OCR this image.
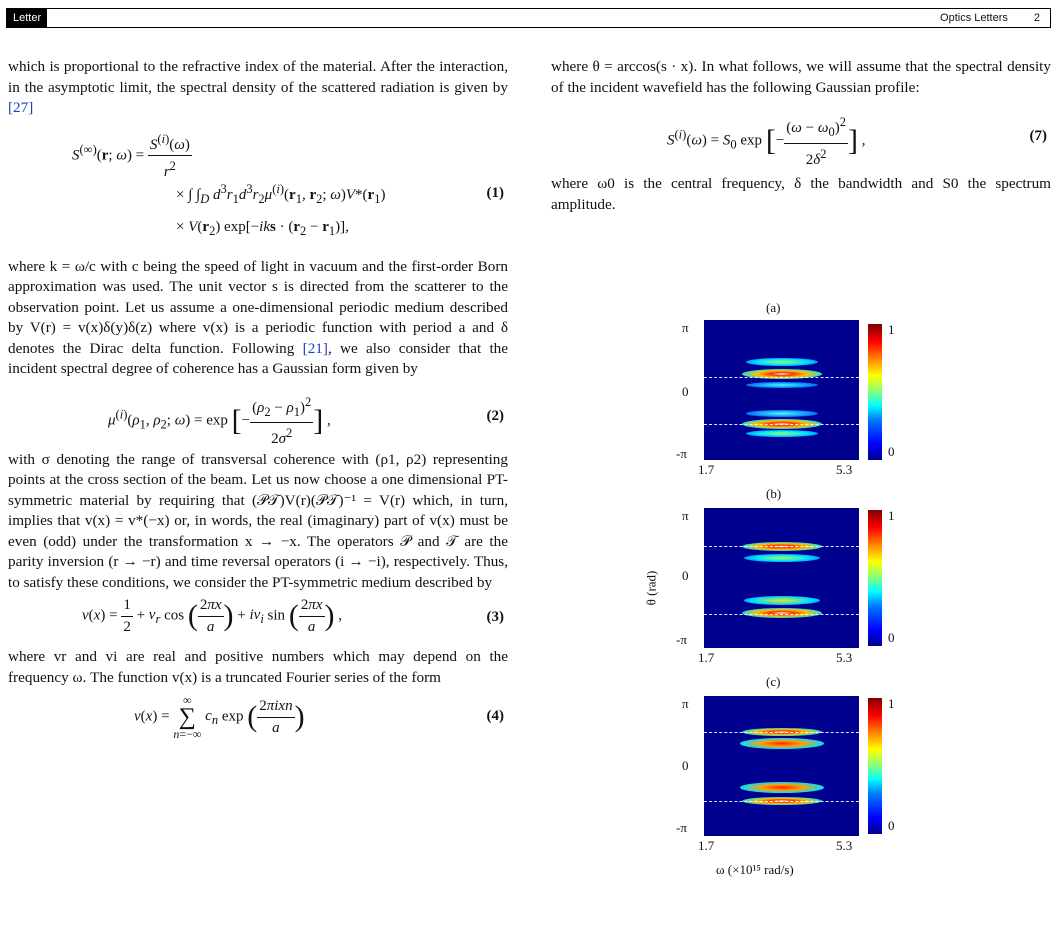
Letter	Optics Letters 2

which is proportional to the refractive index of the material. After the interaction, in the asymptotic limit, the spectral density of the scattered radiation is given by [27]

S(∞)(r; $\omega) = \frac{S^{(i)}(\omega)}{r^2}$
× ∫ $\int_D$ $d^3r_1d^3r_2\mu^{(i)}(r_1$, $r_2$; $\omega)V*(r_1)$
× $V(r_2) \exp[-iks \cdot (r_2 - r_1)]$,
(1)

where k = ω/c with c being the speed of light in vacuum and the first-order Born approximation was used. The unit vector s is directed from the scatterer to the observation point. Let us assume a one-dimensional periodic medium described by V(r) = v(x)δ(y)δ(z) where v(x) is a periodic function with period a and δ denotes the Dirac delta function. Following [21], we also consider that the incident spectral degree of coherence has a Gaussian form given by

$\mu^{(i)}(\rho_1$, $\rho_2$; ω) = exp [− $\frac{(\rho_2 - \rho_1)^2}{2\sigma^2}$ ] ,	(2)

with σ denoting the range of transversal coherence with (ρ1, ρ2) representing points at the cross section of the beam. Let us now choose a one dimensional PT-symmetric material by requiring that (𝒫𝒯)V(r)(𝒫𝒯)⁻¹ = V(r) which, in turn, implies that v(x) = v*(−x) or, in words, the real (imaginary) part of v(x) must be even (odd) under the transformation x → −x. The operators 𝒫 and 𝒯 are the parity inversion (r → −r) and time reversal operators (i → −i), respectively. Thus, to satisfy these conditions, we consider the PT-symmetric medium described by

$v(x) = \frac{1}{2} + v_r$ cos ( $\frac{2\pi x}{a}$ ) + $iv_i$ sin ( $\frac{2\pi x}{a}$ ) ,	(3)

where vr and vi are real and positive numbers which may depend on the frequency ω. The function v(x) is a truncated Fourier series of the form

v(x) = ∞
∑
n=−∞ $c_n$ exp ( $\frac{\text{2πixn}}{a}$ )	(4)

where θ = arccos(s · x). In what follows, we will assume that the spectral density of the incident wavefield has the following Gaussian profile:

$S^{(i)}(\omega) = S_0$ exp [− $\frac{(\omega - \omega_0)^2}{2\delta^2}$ ] ,	(7)

where ω0 is the central frequency, δ the bandwidth and S0 the spectrum amplitude.

θ (rad)
(a)
π
0
-π
1.7	5.3
1
0
(b)
π
0
-π
1.7	5.3
1
0
(c)
π
0
-π
1.7	5.3
1
0
ω (×10¹⁵ rad/s)
